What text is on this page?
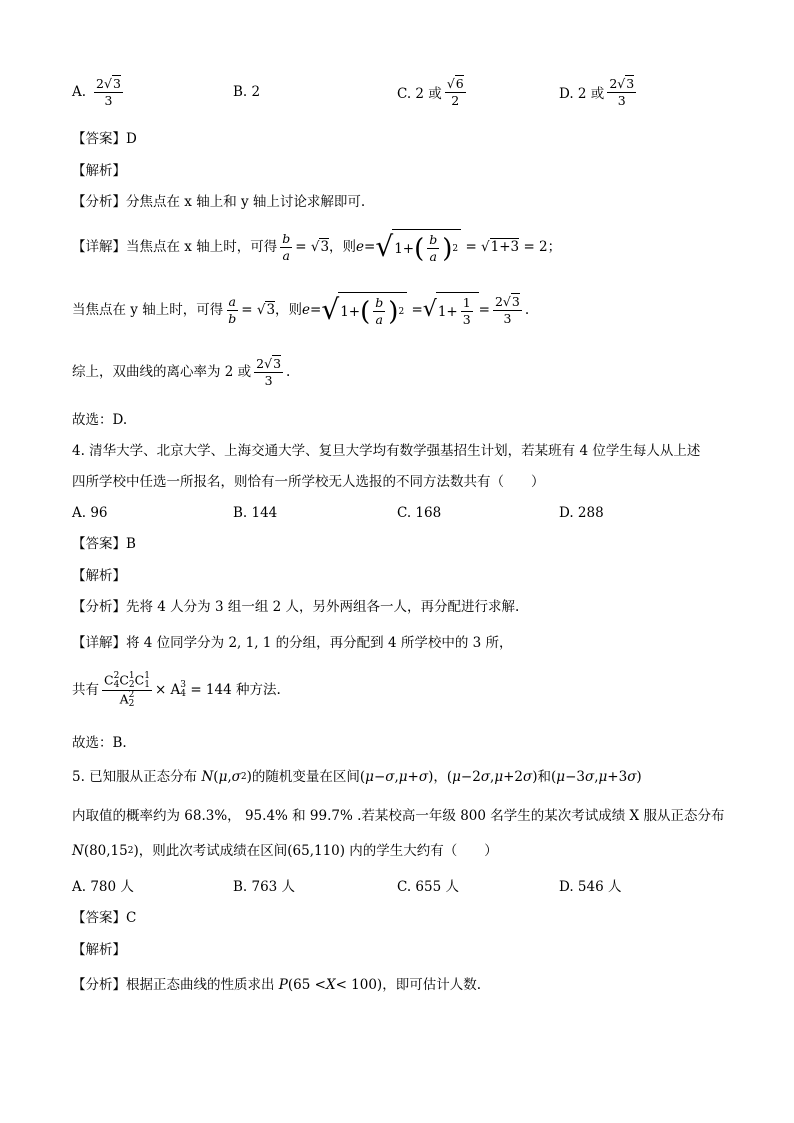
A. $\frac{2√3}{3}$	B. 2	C. 2 或 $\frac{√6}{2}$	D. 2 或 $\frac{2√3}{3}$
【答案】D
【解析】
【分析】分焦点在 x 轴上和 y 轴上讨论求解即可.
【详解】当焦点在 x 轴上时，可得 $\frac{b}{a} = √3$ ，则 e = √ 1+ ( $\frac{b}{a}$ ) 2 = √1+3 = 2；
当焦点在 y 轴上时，可得 $\frac{a}{b} = √3$ ，则 e = √ 1+ ( $\frac{b}{a}$ ) 2 = √ $1+ \frac{1}{3} = \frac{2√3}{3}$ .
综上，双曲线的离心率为 2 或 $\frac{2√3}{3}$ .
故选：D.
4. 清华大学、北京大学、上海交通大学、复旦大学均有数学强基招生计划，若某班有 4 位学生每人从上述
四所学校中任选一所报名，则恰有一所学校无人选报的不同方法数共有（　　）
A. 96	B. 144	C. 168	D. 288
【答案】B
【解析】
【分析】先将 4 人分为 3 组一组 2 人，另外两组各一人，再分配进行求解.
【详解】将 4 位同学分为 2, 1, 1 的分组，再分配到 4 所学校中的 3 所，
共有 C 2
4 C 1
2 C 1
1
A 2
2 × A 3
4
= 144 种方法.
故选：B.
5. 已知服从正态分布 N ( μ , σ 2 ) 的随机变量在区间 ( μ − σ , μ + σ ) ，( μ −2 σ , μ +2 σ )和( μ −3 σ , μ +3 σ )
内取值的概率约为 68.3%， 95.4% 和 99.7% .若某校高一年级 800 名学生的某次考试成绩 X 服从正态分布
N (80,15 2 ) ，则此次考试成绩在区间(65,110) 内的学生大约有（　　）
A. 780 人	B. 763 人	C. 655 人	D. 546 人
【答案】C
【解析】
【分析】根据正态曲线的性质求出 P (65 < X < 100) ，即可估计人数.
